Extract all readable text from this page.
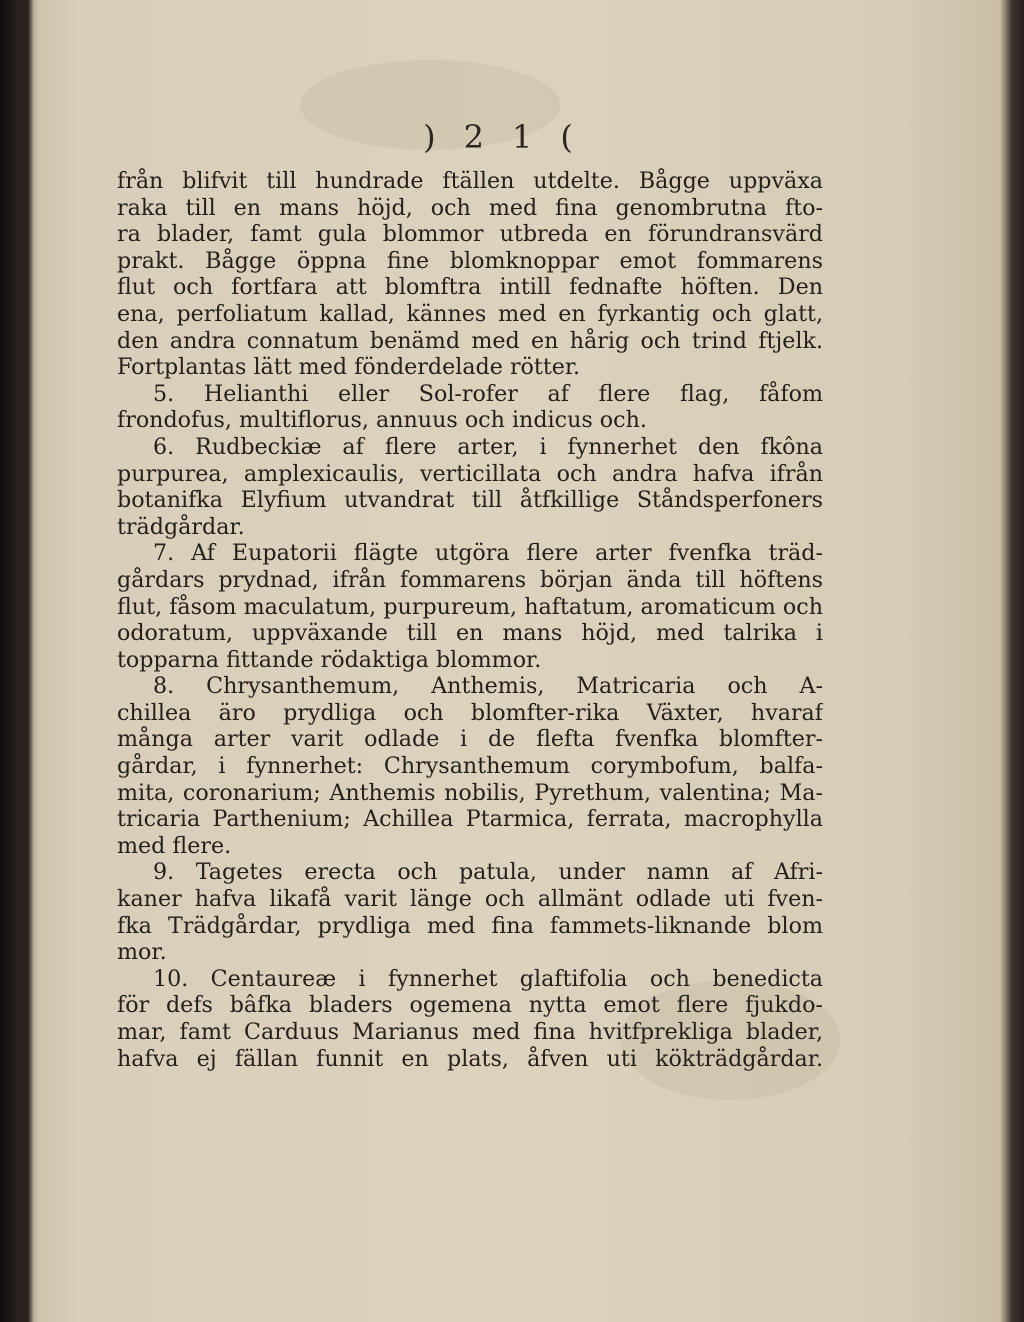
)21(
från blifvit till hundrade ftällen utdelte. Bågge uppväxa
raka till en mans höjd, och med fina genombrutna fto-
ra blader, famt gula blommor utbreda en förundransvärd
prakt. Bågge öppna fine blomknoppar emot fommarens
flut och fortfara att blomftra intill fednafte höften. Den
ena, perfoliatum kallad, kännes med en fyrkantig och glatt,
den andra connatum benämd med en hårig och trind ftjelk.
Fortplantas lätt med fönderdelade rötter.
5. Helianthi eller Sol-rofer af flere flag, fåfom
frondofus, multiflorus, annuus och indicus och.
6. Rudbeckiæ af flere arter, i fynnerhet den fkôna
purpurea, amplexicaulis, verticillata och andra hafva ifrån
botanifka Elyfium utvandrat till åtfkillige Ståndsperfoners
trädgårdar.
7. Af Eupatorii flägte utgöra flere arter fvenfka träd-
gårdars prydnad, ifrån fommarens början ända till höftens
flut, fåsom maculatum, purpureum, haftatum, aromaticum och
odoratum, uppväxande till en mans höjd, med talrika i
topparna fittande rödaktiga blommor.
8. Chrysanthemum, Anthemis, Matricaria och A-
chillea äro prydliga och blomfter-rika Växter, hvaraf
många arter varit odlade i de flefta fvenfka blomfter-
gårdar, i fynnerhet: Chrysanthemum corymbofum, balfa-
mita, coronarium; Anthemis nobilis, Pyrethum, valentina; Ma-
tricaria Parthenium; Achillea Ptarmica, ferrata, macrophylla
med flere.
9. Tagetes erecta och patula, under namn af Afri-
kaner hafva likafå varit länge och allmänt odlade uti fven-
fka Trädgårdar, prydliga med fina fammets-liknande blom
mor.
10. Centaureæ i fynnerhet glaftifolia och benedicta
för defs bâfka bladers ogemena nytta emot flere fjukdo-
mar, famt Carduus Marianus med fina hvitfprekliga blader,
hafva ej fällan funnit en plats, åfven uti kökträdgårdar.
